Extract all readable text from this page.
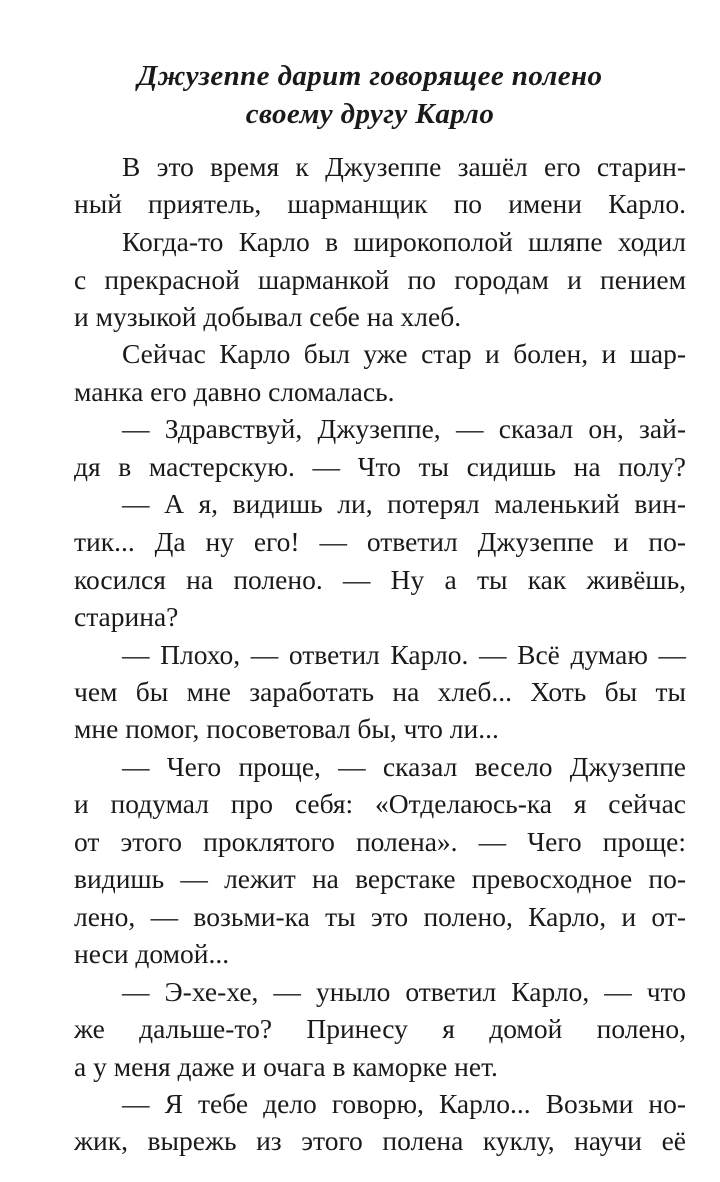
Джузеппе дарит говорящее полено
своему другу Карло
В это время к Джузеппе зашёл его старин-
ный приятель, шарманщик по имени Карло.
Когда-то Карло в широкополой шляпе ходил
с прекрасной шарманкой по городам и пением
и музыкой добывал себе на хлеб.
Сейчас Карло был уже стар и болен, и шар-
манка его давно сломалась.
— Здравствуй, Джузеппе, — сказал он, зай-
дя в мастерскую. — Что ты сидишь на полу?
— А я, видишь ли, потерял маленький вин-
тик... Да ну его! — ответил Джузеппе и по-
косился на полено. — Ну а ты как живёшь,
старина?
— Плохо, — ответил Карло. — Всё думаю —
чем бы мне заработать на хлеб... Хоть бы ты
мне помог, посоветовал бы, что ли...
— Чего проще, — сказал весело Джузеппе
и подумал про себя: «Отделаюсь-ка я сейчас
от этого проклятого полена». — Чего проще:
видишь — лежит на верстаке превосходное по-
лено, — возьми-ка ты это полено, Карло, и от-
неси домой...
— Э-хе-хе, — уныло ответил Карло, — что
же дальше-то? Принесу я домой полено,
а у меня даже и очага в каморке нет.
— Я тебе дело говорю, Карло... Возьми но-
жик, вырежь из этого полена куклу, научи её
